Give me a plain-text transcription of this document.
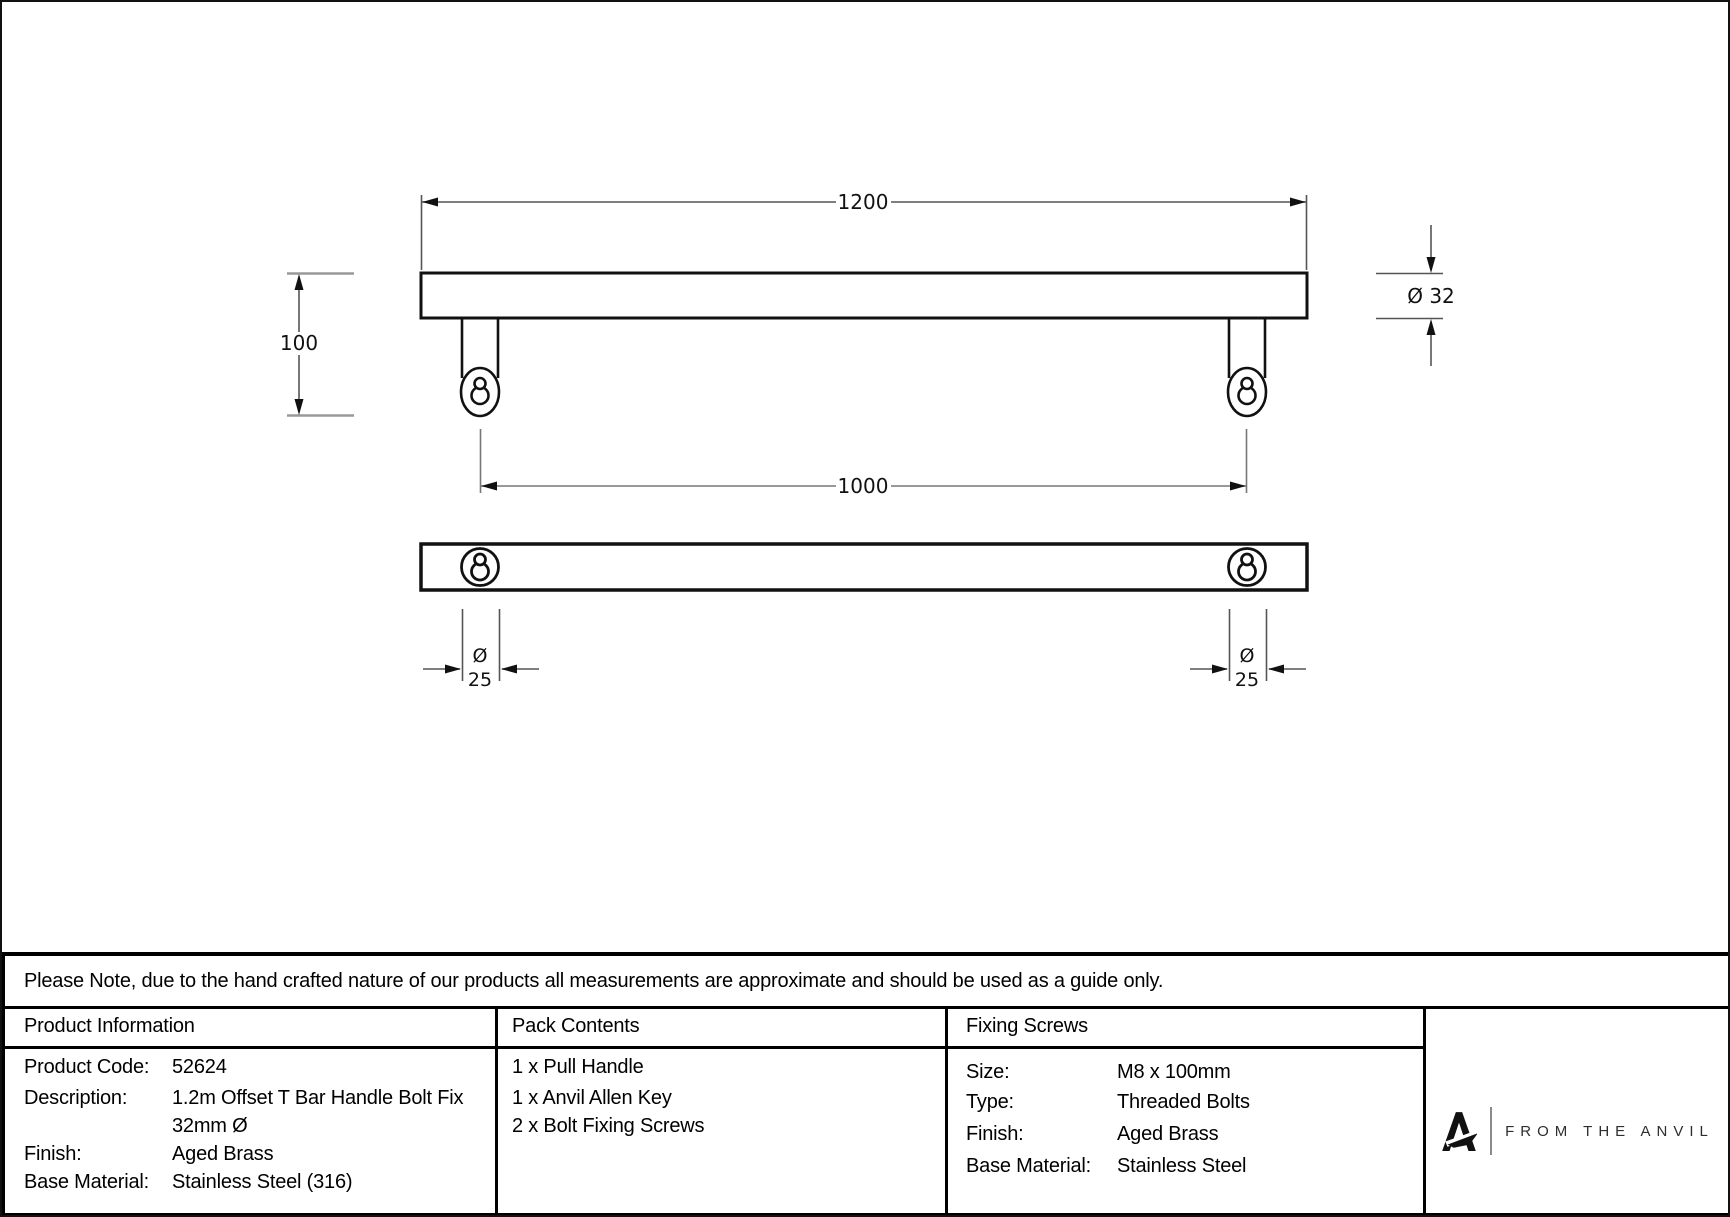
1200
100
Ø 32
1000
Ø
25
Ø
25
Please Note, due to the hand crafted nature of our products all measurements are approximate and should be used as a guide only.
Product Information	Pack Contents	Fixing Screws
Product Code: 52624
Description: 1.2m Offset T Bar Handle Bolt Fix
32mm Ø
Finish:	Aged Brass
Base Material: Stainless Steel (316)
1 x Pull Handle
1 x Anvil Allen Key
2 x Bolt Fixing Screws
Size:	M8 x 100mm
Type:	Threaded Bolts
Finish:	Aged Brass
Base Material: Stainless Steel
FROM THE ANVIL
